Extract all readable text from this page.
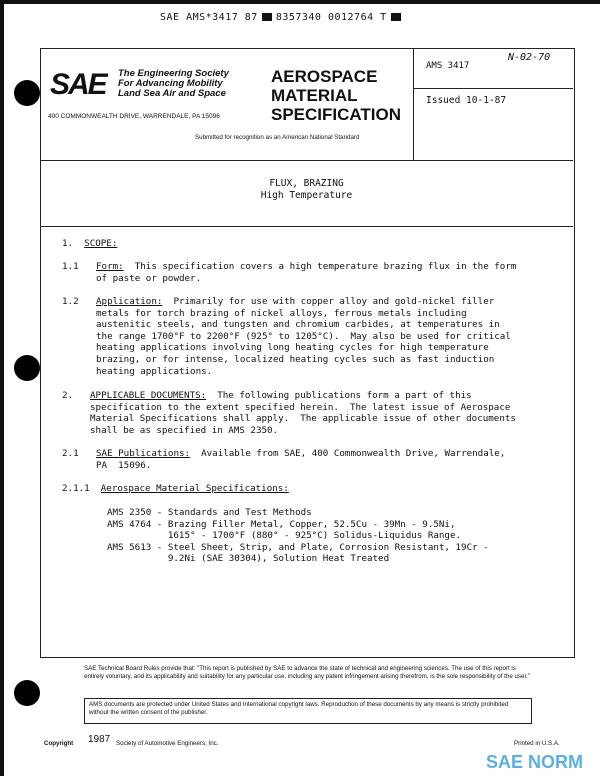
SAE AMS*3417 87 8357340 0012764 T
SAE The Engineering Society
For Advancing Mobility
Land Sea Air and Space
400 COMMONWEALTH DRIVE, WARRENDALE, PA 15096
AEROSPACE
MATERIAL
SPECIFICATION
Submitted for recognition as an American National Standard
AMS 3417
N-02-70
Issued 10-1-87
FLUX, BRAZING
High Temperature
1. SCOPE:
1.1 Form:  This specification covers a high temperature brazing flux in the form
of paste or powder.
1.2 Application:  Primarily for use with copper alloy and gold-nickel filler
metals for torch brazing of nickel alloys, ferrous metals including
austenitic steels, and tungsten and chromium carbides, at temperatures in
the range 1700°F to 2200°F (925° to 1205°C).  May also be used for critical
heating applications involving long heating cycles for high temperature
brazing, or for intense, localized heating cycles such as fast induction
heating applications.
2. APPLICABLE DOCUMENTS:  The following publications form a part of this
specification to the extent specified herein.  The latest issue of Aerospace
Material Specifications shall apply.  The applicable issue of other documents
shall be as specified in AMS 2350.
2.1 SAE Publications:  Available from SAE, 400 Commonwealth Drive, Warrendale,
PA  15096.
2.1.1 Aerospace Material Specifications:
AMS 2350 - Standards and Test Methods
AMS 4764 - Brazing Filler Metal, Copper, 52.5Cu - 39Mn - 9.5Ni,
1615° - 1700°F (880° - 925°C) Solidus-Liquidus Range.
AMS 5613 - Steel Sheet, Strip, and Plate, Corrosion Resistant, 19Cr -
9.2Ni (SAE 30304), Solution Heat Treated
SAE Technical Board Rules provide that: "This report is published by SAE to advance the state of technical and engineering sciences. The use of this report is entirely voluntary, and its applicability and suitability for any particular use, including any patent infringement arising therefrom, is the sole responsibility of the user."
AMS documents are protected under United States and International copyright laws. Reproduction of these documents by any means is strictly prohibited without the written consent of the publisher.
Copyright 1987 Society of Automotive Engineers, Inc.	Printed in U.S.A.
SAE NORM
